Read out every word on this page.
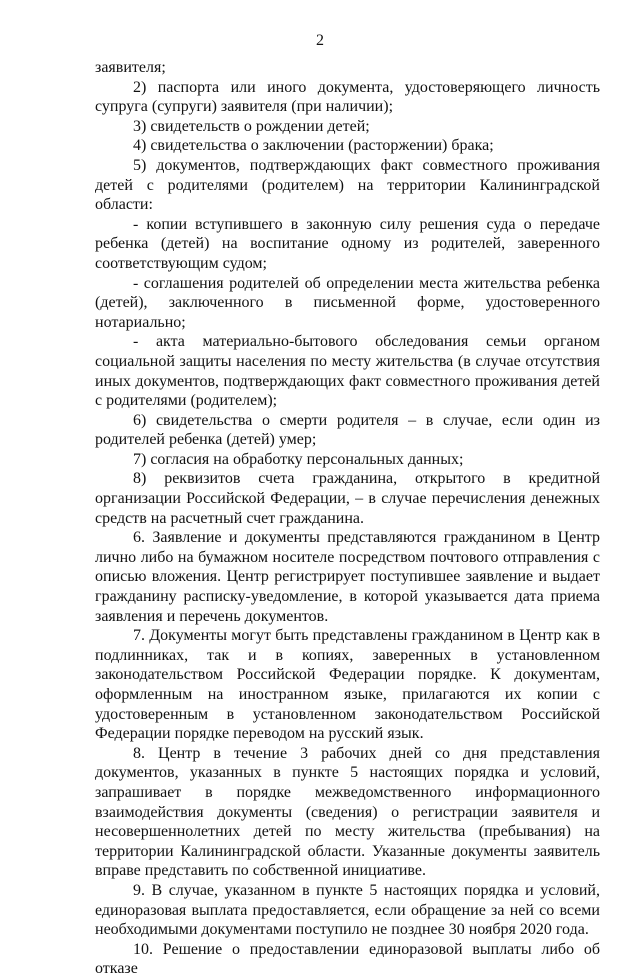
2

заявителя;

2) паспорта или иного документа, удостоверяющего личность супруга (супруги) заявителя (при наличии);

3) свидетельств о рождении детей;

4) свидетельства о заключении (расторжении) брака;

5) документов, подтверждающих факт совместного проживания детей с родителями (родителем) на территории Калининградской области:

- копии вступившего в законную силу решения суда о передаче ребенка (детей) на воспитание одному из родителей, заверенного соответствующим судом;

- соглашения родителей об определении места жительства ребенка (детей), заключенного в письменной форме, удостоверенного нотариально;

- акта материально-бытового обследования семьи органом социальной защиты населения по месту жительства (в случае отсутствия иных документов, подтверждающих факт совместного проживания детей с родителями (родителем);

6) свидетельства о смерти родителя – в случае, если один из родителей ребенка (детей) умер;

7) согласия на обработку персональных данных;

8) реквизитов счета гражданина, открытого в кредитной организации Российской Федерации, – в случае перечисления денежных средств на расчетный счет гражданина.

6. Заявление и документы представляются гражданином в Центр лично либо на бумажном носителе посредством почтового отправления с описью вложения. Центр регистрирует поступившее заявление и выдает гражданину расписку-уведомление, в которой указывается дата приема заявления и перечень документов.

7. Документы могут быть представлены гражданином в Центр как в подлинниках, так и в копиях, заверенных в установленном законодательством Российской Федерации порядке. К документам, оформленным на иностранном языке, прилагаются их копии с удостоверенным в установленном законодательством Российской Федерации порядке переводом на русский язык.

8. Центр в течение 3 рабочих дней со дня представления документов, указанных в пункте 5 настоящих порядка и условий, запрашивает в порядке межведомственного информационного взаимодействия документы (сведения) о регистрации заявителя и несовершеннолетних детей по месту жительства (пребывания) на территории Калининградской области. Указанные документы заявитель вправе представить по собственной инициативе.

9. В случае, указанном в пункте 5 настоящих порядка и условий, единоразовая выплата предоставляется, если обращение за ней со всеми необходимыми документами поступило не позднее 30 ноября 2020 года.

10. Решение о предоставлении единоразовой выплаты либо об отказе
